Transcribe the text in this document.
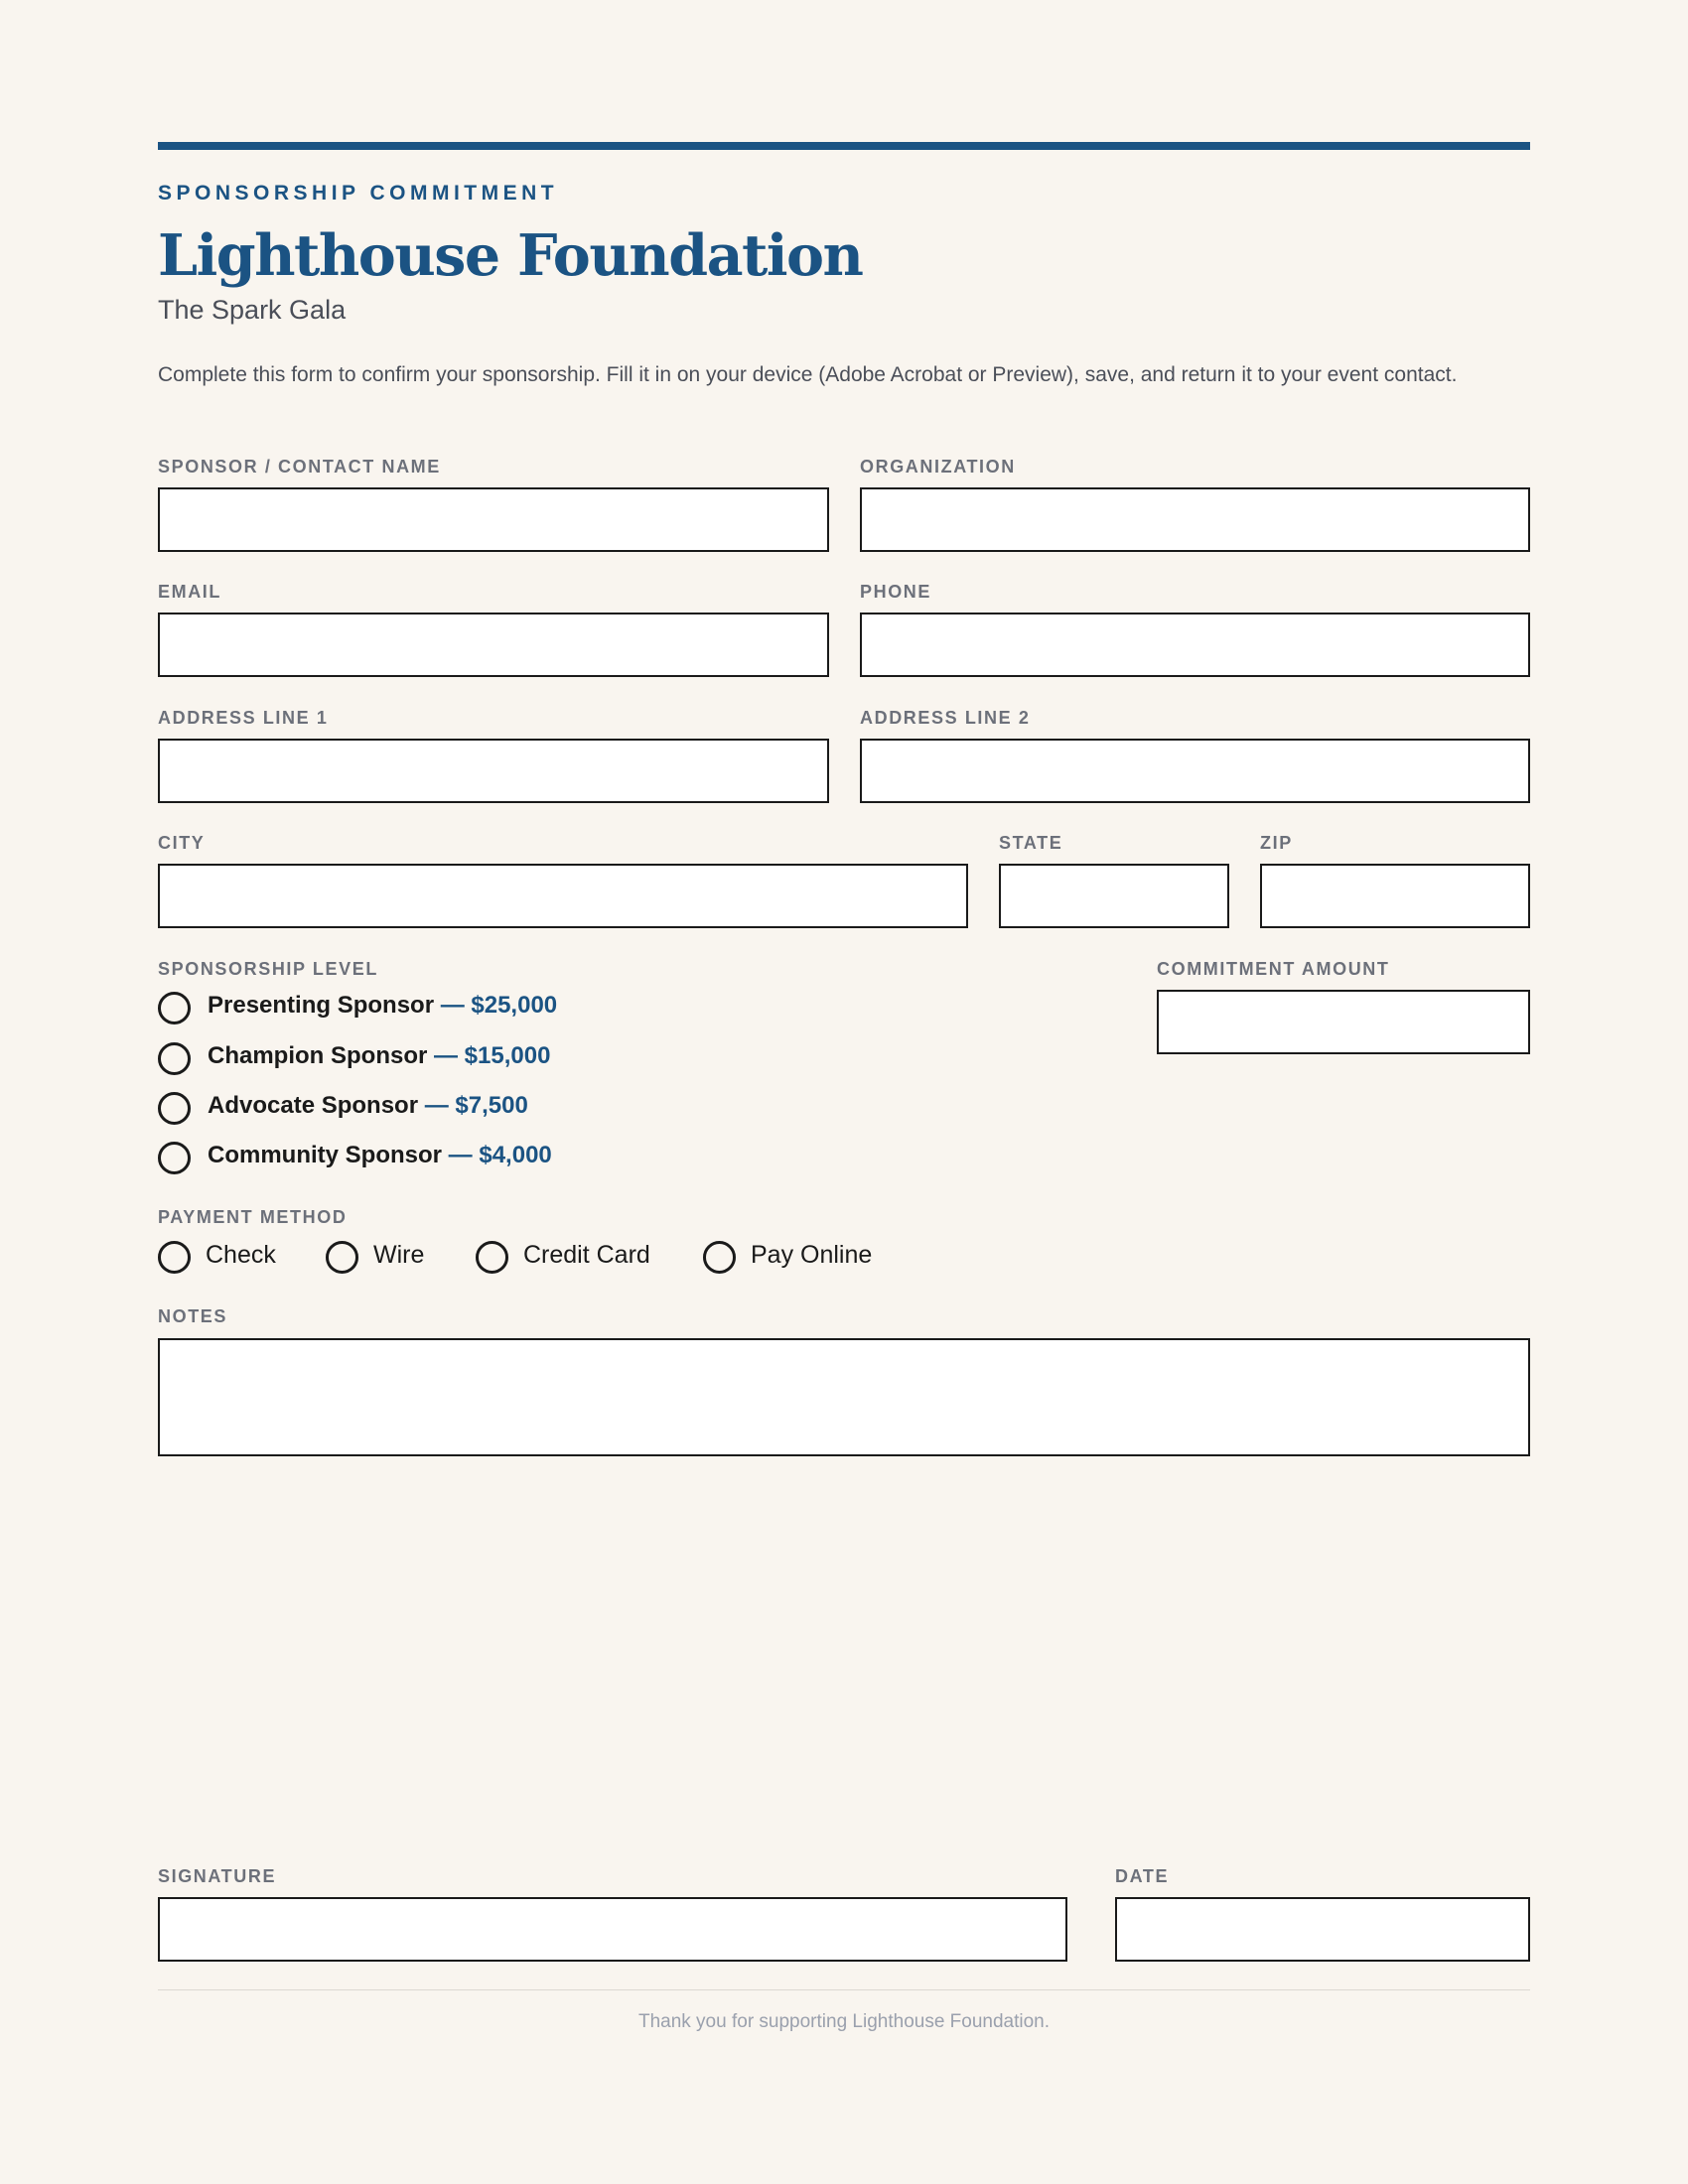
SPONSORSHIP COMMITMENT
Lighthouse Foundation
The Spark Gala
Complete this form to confirm your sponsorship. Fill it in on your device (Adobe Acrobat or Preview), save, and return it to your event contact.
SPONSOR / CONTACT NAME	ORGANIZATION
EMAIL	PHONE
ADDRESS LINE 1	ADDRESS LINE 2
CITY	STATE	ZIP
SPONSORSHIP LEVEL
Presenting Sponsor — $25,000
Champion Sponsor — $15,000
Advocate Sponsor — $7,500
Community Sponsor — $4,000
COMMITMENT AMOUNT
PAYMENT METHOD
Check	Wire	Credit Card	Pay Online
NOTES
SIGNATURE	DATE
Thank you for supporting Lighthouse Foundation.
